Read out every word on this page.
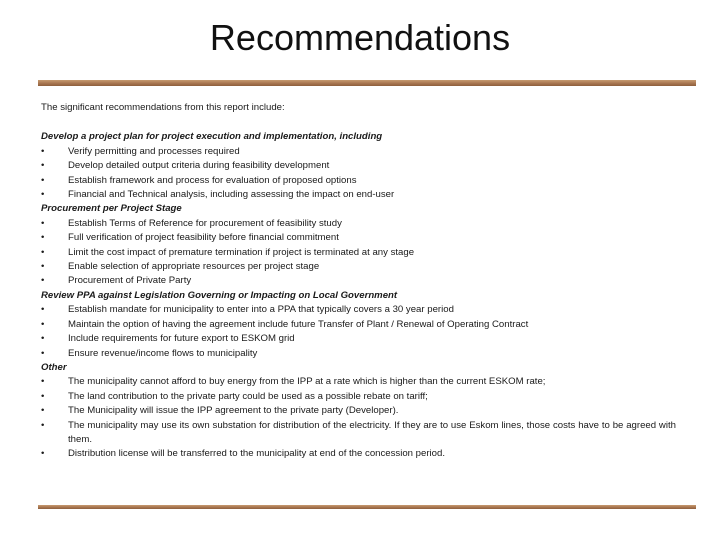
Recommendations
The significant recommendations from this report include:
Develop a project plan for project execution and implementation, including
• Verify permitting and processes required
• Develop detailed output criteria during feasibility development
• Establish framework and process for evaluation of proposed options
• Financial and Technical analysis, including assessing the impact on end-user
Procurement per Project Stage
• Establish Terms of Reference for procurement of feasibility study
• Full verification of project feasibility before financial commitment
• Limit the cost impact of premature termination if project is terminated at any stage
• Enable selection of appropriate resources per project stage
• Procurement of Private Party
Review PPA against Legislation Governing or Impacting on Local Government
• Establish mandate for municipality to enter into a PPA that typically covers a 30 year period
• Maintain the option of having the agreement include future Transfer of Plant / Renewal of Operating Contract
• Include requirements for future export to ESKOM grid
• Ensure revenue/income flows to municipality
Other
• The municipality cannot afford to buy energy from the IPP at a rate which is higher than the current ESKOM rate;
• The land contribution to the private party could be used as a possible rebate on tariff;
• The Municipality will issue the IPP agreement to the private party (Developer).
• The municipality may use its own substation for distribution of the electricity. If they are to use Eskom lines, those costs have to be agreed with them.
• Distribution license will be transferred to the municipality at end of the concession period.
